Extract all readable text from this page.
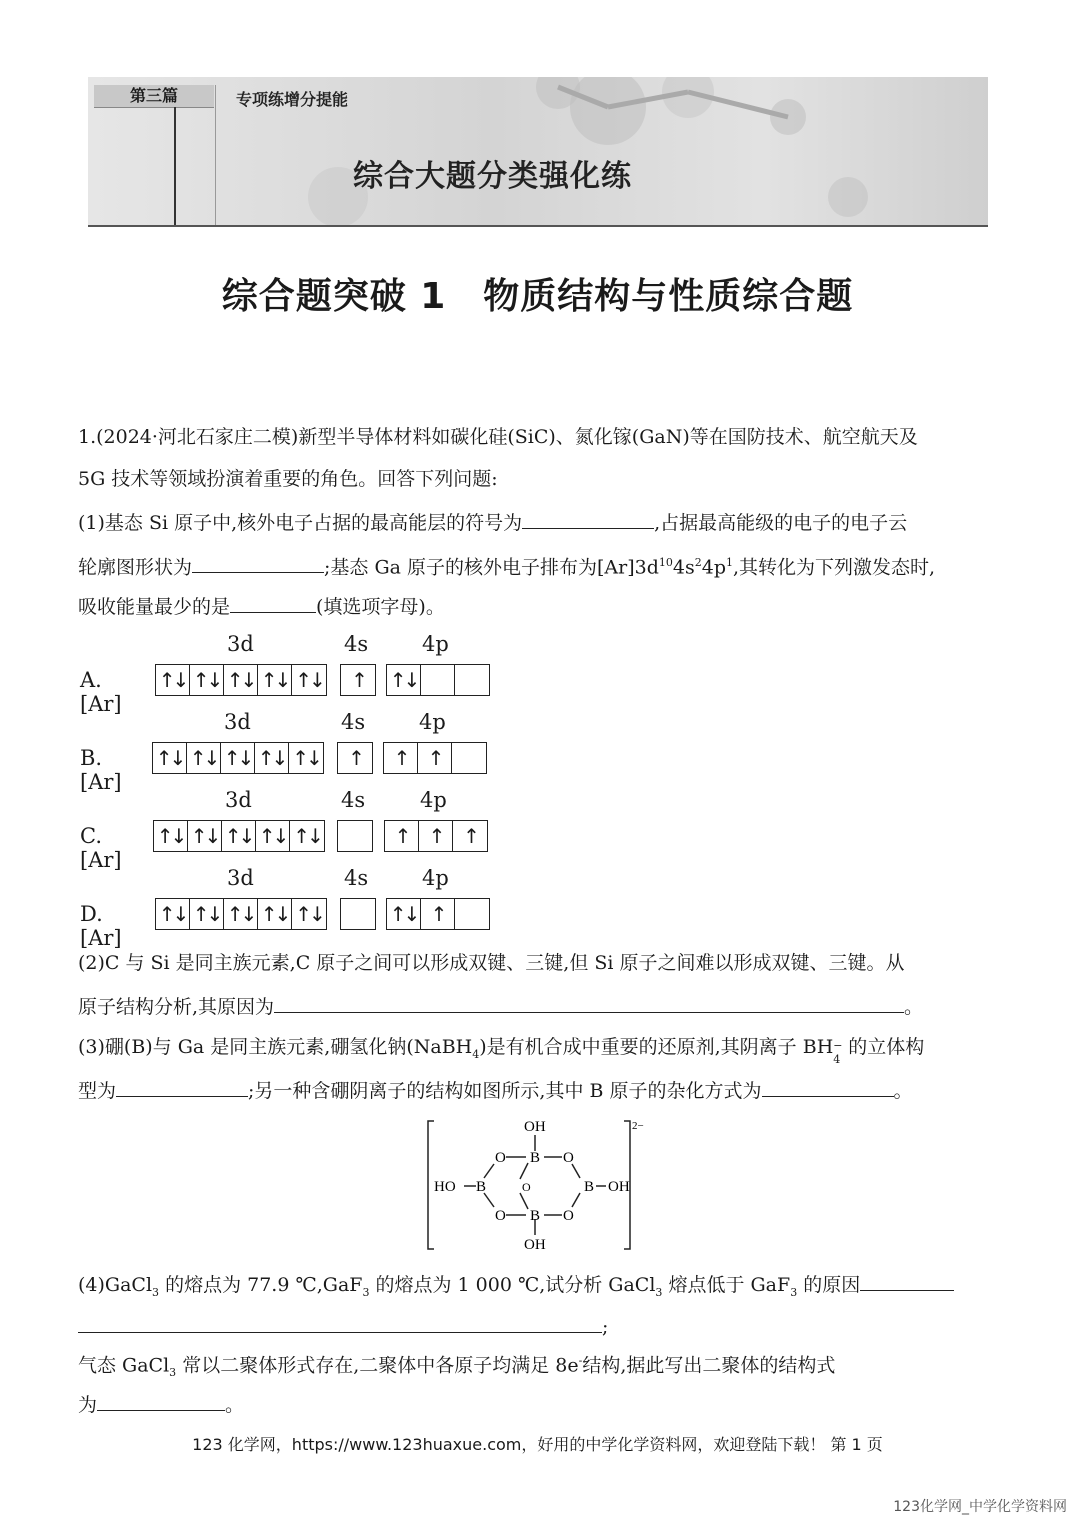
第三篇	专项练增分提能
综合大题分类强化练
综合题突破 1　物质结构与性质综合题
1.(2024·河北石家庄二模)新型半导体材料如碳化硅(SiC)、氮化镓(GaN)等在国防技术、航空航天及
5G 技术等领域扮演着重要的角色。回答下列问题:
(1)基态 Si 原子中,核外电子占据的最高能层的符号为	,占据最高能级的电子的电子云
轮廓图形状为	;基态 Ga 原子的核外电子排布为$[Ar]3d^{10}4s^24p^1$,其转化为下列激发态时,
吸收能量最少的是	(填选项字母)。
A.[Ar]
3d	4s	4p
↑↓ ↑↓ ↑↓ ↑↓ ↑↓	↑	↑↓
B.[Ar]
3d	4s	4p
↑↓ ↑↓ ↑↓ ↑↓ ↑↓	↑	↑	↑
C.[Ar]
3d	4s	4p
↑↓ ↑↓ ↑↓ ↑↓ ↑↓	↑	↑	↑
D.[Ar]
3d	4s	4p
↑↓ ↑↓ ↑↓ ↑↓ ↑↓	↑↓ ↑
(2)C 与 Si 是同主族元素,C 原子之间可以形成双键、三键,但 Si 原子之间难以形成双键、三键。从
原子结构分析,其原因为	。
(3)硼(B)与 Ga 是同主族元素,硼氢化钠(NaBH$_4$)是有机合成中重要的还原剂,其阴离子 BH −
4
的立体构
型为	;另一种含硼阴离子的结构如图所示,其中 B 原子的杂化方式为	。
OH
OH
HO	OH
B
B
B	B
O	O
O	O
O
2−
(4)GaCl$_3$ 的熔点为 77.9 ℃,GaF$_3$ 的熔点为 1 000 ℃,试分析 GaCl$_3$ 熔点低于 GaF$_3$ 的原因
;
气态 GaCl$_3$ 常以二聚体形式存在,二聚体中各原子均满足 8e-结构,据此写出二聚体的结构式
为	。
123 化学网，https://www.123huaxue.com，好用的中学化学资料网，欢迎登陆下载！ 第 1 页
123化学网_中学化学资料网
